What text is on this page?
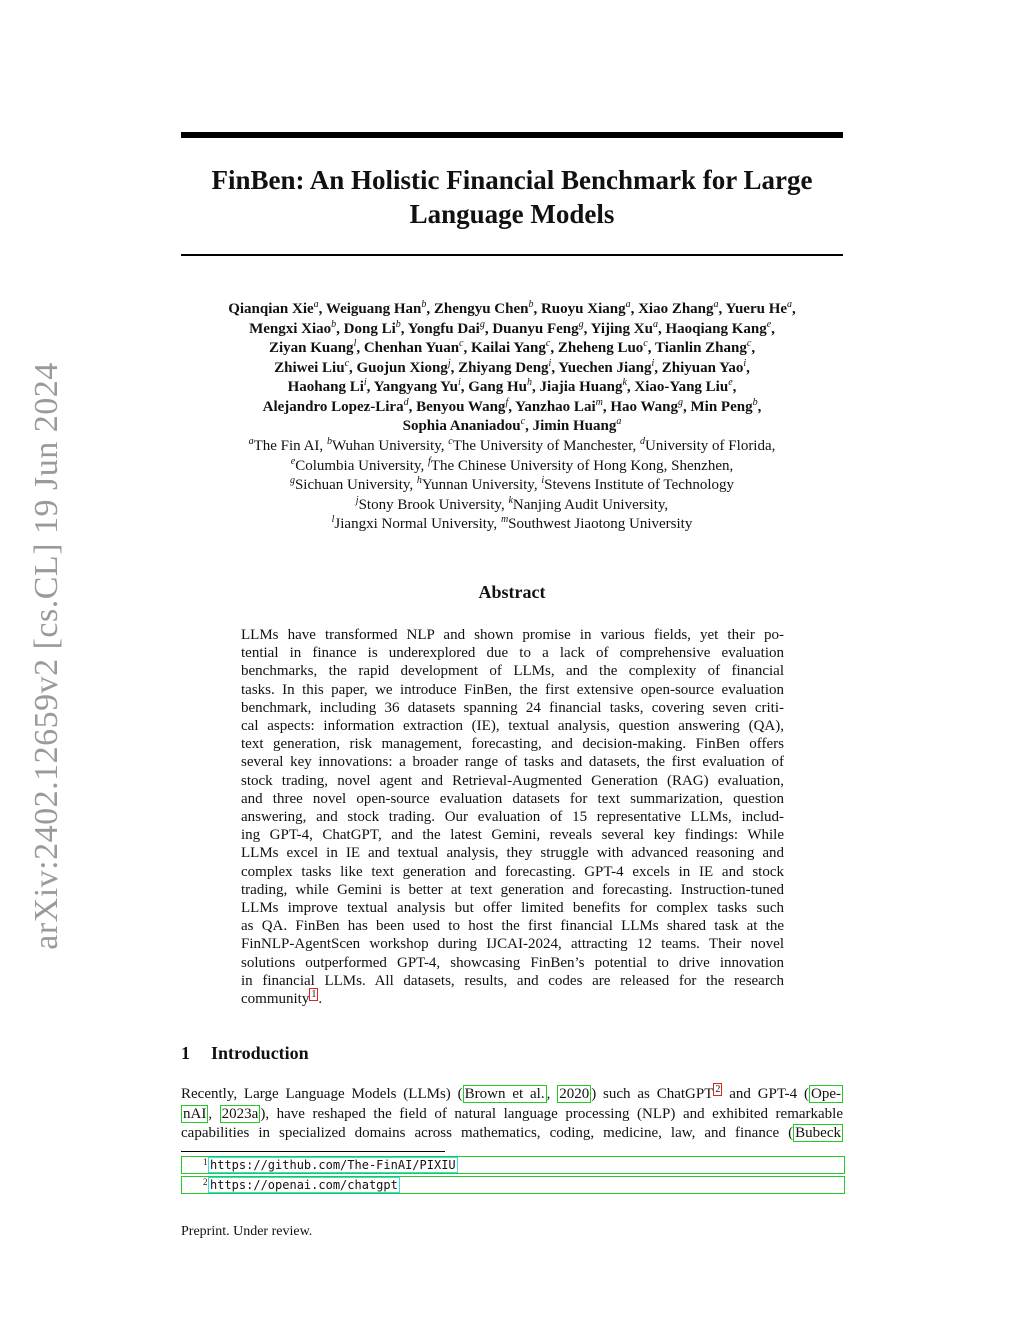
arXiv:2402.12659v2 [cs.CL] 19 Jun 2024
FinBen: An Holistic Financial Benchmark for Large
Language Models
Qianqian Xie$^a$, Weiguang Han$^b$, Zhengyu Chen$^b$, Ruoyu Xiang$^a$, Xiao Zhang$^a$, Yueru He$^a$,
Mengxi Xiao$^b$, Dong Li$^b$, Yongfu Dai$^g$, Duanyu Feng$^g$, Yijing Xu$^a$, Haoqiang Kang$^e$,
Ziyan Kuang$^l$, Chenhan Yuan$^c$, Kailai Yang$^c$, Zheheng Luo$^c$, Tianlin Zhang$^c$,
Zhiwei Liu$^c$, Guojun Xiong$^j$, Zhiyang Deng$^i$, Yuechen Jiang$^i$, Zhiyuan Yao$^i$,
Haohang Li$^i$, Yangyang Yu$^i$, Gang Hu$^h$, Jiajia Huang$^k$, Xiao-Yang Liu$^e$,
Alejandro Lopez-Lira$^d$, Benyou Wang$^f$, Yanzhao Lai$^m$, Hao Wang$^g$, Min Peng$^b$,
Sophia Ananiadou$^c$, Jimin Huang$^a$
$^a$The Fin AI, $^b$Wuhan University, $^c$The University of Manchester, $^d$University of Florida,
$^e$Columbia University, $^f$The Chinese University of Hong Kong, Shenzhen,
$^g$Sichuan University, $^h$Yunnan University, $^i$Stevens Institute of Technology
$^j$Stony Brook University, $^k$Nanjing Audit University,
$^l$Jiangxi Normal University, $^m$Southwest Jiaotong University
Abstract
LLMs have transformed NLP and shown promise in various fields, yet their po-
tential in finance is underexplored due to a lack of comprehensive evaluation
benchmarks, the rapid development of LLMs, and the complexity of financial
tasks. In this paper, we introduce FinBen, the first extensive open-source evaluation
benchmark, including 36 datasets spanning 24 financial tasks, covering seven criti-
cal aspects: information extraction (IE), textual analysis, question answering (QA),
text generation, risk management, forecasting, and decision-making. FinBen offers
several key innovations: a broader range of tasks and datasets, the first evaluation of
stock trading, novel agent and Retrieval-Augmented Generation (RAG) evaluation,
and three novel open-source evaluation datasets for text summarization, question
answering, and stock trading. Our evaluation of 15 representative LLMs, includ-
ing GPT-4, ChatGPT, and the latest Gemini, reveals several key findings: While
LLMs excel in IE and textual analysis, they struggle with advanced reasoning and
complex tasks like text generation and forecasting. GPT-4 excels in IE and stock
trading, while Gemini is better at text generation and forecasting. Instruction-tuned
LLMs improve textual analysis but offer limited benefits for complex tasks such
as QA. FinBen has been used to host the first financial LLMs shared task at the
FinNLP-AgentScen workshop during IJCAI-2024, attracting 12 teams. Their novel
solutions outperformed GPT-4, showcasing FinBen’s potential to drive innovation
in financial LLMs. All datasets, results, and codes are released for the research
community $^1$ .
1 Introduction
Recently, Large Language Models (LLMs) ( Brown et al. , 2020 ) such as ChatGPT $^2$ and GPT-4 ( Ope-
nAI , 2023a ), have reshaped the field of natural language processing (NLP) and exhibited remarkable
capabilities in specialized domains across mathematics, coding, medicine, law, and finance ( Bubeck
1 https://github.com/The-FinAI/PIXIU
2 https://openai.com/chatgpt

Preprint. Under review.
